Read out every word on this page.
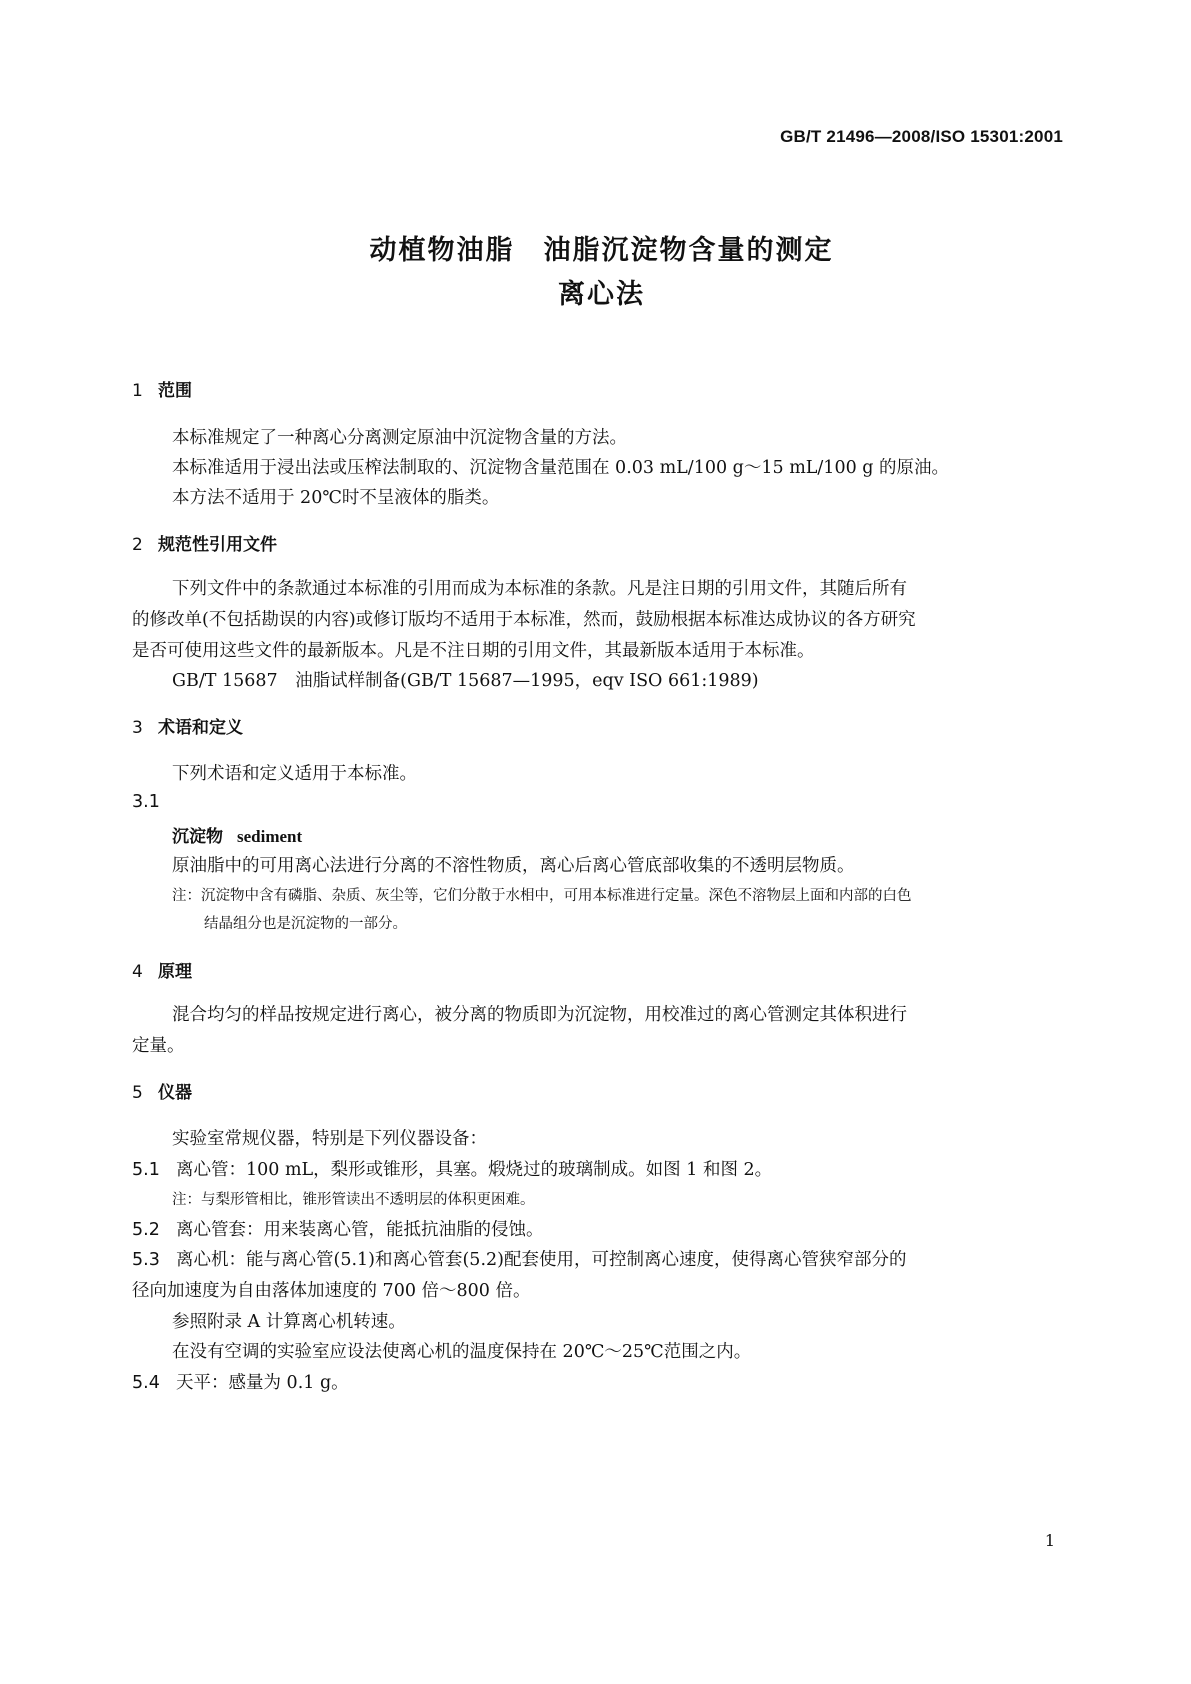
GB/T 21496—2008/ISO 15301:2001
动植物油脂　油脂沉淀物含量的测定
离心法
1 范围
本标准规定了一种离心分离测定原油中沉淀物含量的方法。
本标准适用于浸出法或压榨法制取的、沉淀物含量范围在 0.03 mL/100 g～15 mL/100 g 的原油。
本方法不适用于 20℃时不呈液体的脂类。
2 规范性引用文件
下列文件中的条款通过本标准的引用而成为本标准的条款。凡是注日期的引用文件，其随后所有
的修改单(不包括勘误的内容)或修订版均不适用于本标准，然而，鼓励根据本标准达成协议的各方研究
是否可使用这些文件的最新版本。凡是不注日期的引用文件，其最新版本适用于本标准。
GB/T 15687　油脂试样制备(GB/T 15687—1995，eqv ISO 661:1989)
3 术语和定义
下列术语和定义适用于本标准。
3.1
沉淀物 sediment
原油脂中的可用离心法进行分离的不溶性物质，离心后离心管底部收集的不透明层物质。
注：沉淀物中含有磷脂、杂质、灰尘等，它们分散于水相中，可用本标准进行定量。深色不溶物层上面和内部的白色
结晶组分也是沉淀物的一部分。
4 原理
混合均匀的样品按规定进行离心，被分离的物质即为沉淀物，用校准过的离心管测定其体积进行
定量。
5 仪器
实验室常规仪器，特别是下列仪器设备：
5.1 离心管：100 mL，梨形或锥形，具塞。煅烧过的玻璃制成。如图 1 和图 2。
注：与梨形管相比，锥形管读出不透明层的体积更困难。
5.2 离心管套：用来装离心管，能抵抗油脂的侵蚀。
5.3 离心机：能与离心管(5.1)和离心管套(5.2)配套使用，可控制离心速度，使得离心管狭窄部分的
径向加速度为自由落体加速度的 700 倍～800 倍。
参照附录 A 计算离心机转速。
在没有空调的实验室应设法使离心机的温度保持在 20℃～25℃范围之内。
5.4 天平：感量为 0.1 g。
1
